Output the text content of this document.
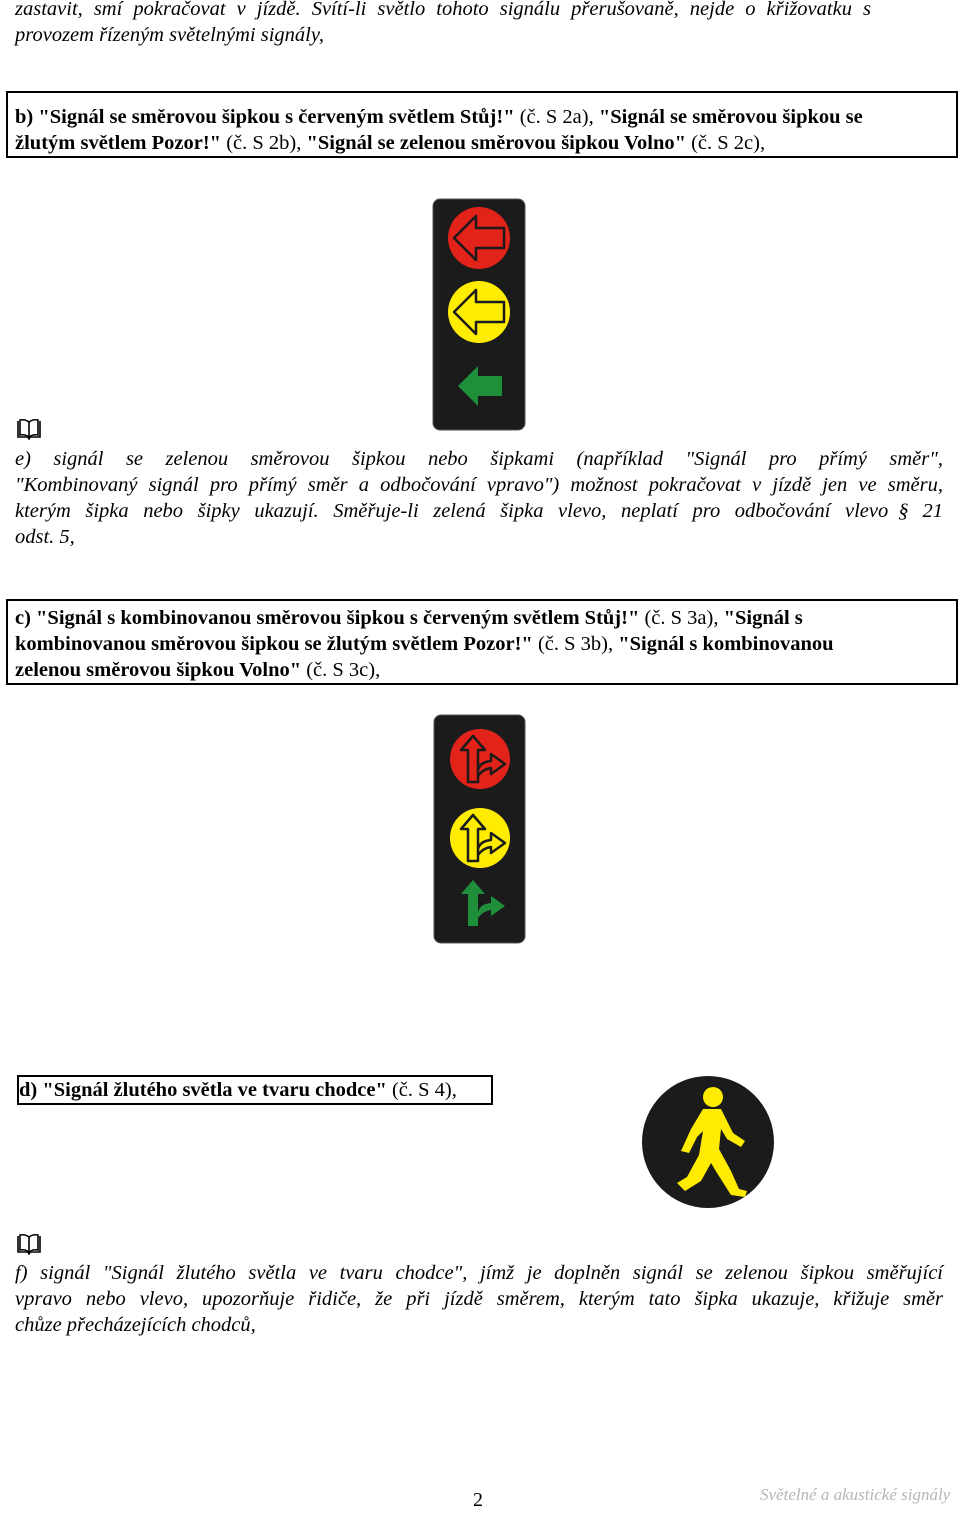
zastavit, smí pokračovat v jízdě. Svítí-li světlo tohoto signálu přerušovaně, nejde o křižovatku s
provozem řízeným světelnými signály,
b) "Signál se směrovou šipkou s červeným světlem Stůj!" (č. S 2a), "Signál se směrovou šipkou se
žlutým světlem Pozor!" (č. S 2b), "Signál se zelenou směrovou šipkou Volno" (č. S 2c),
e) signál se zelenou směrovou šipkou nebo šipkami (například "Signál pro přímý směr",
"Kombinovaný signál pro přímý směr a odbočování vpravo") možnost pokračovat v jízdě jen ve směru,
kterým šipka nebo šipky ukazují. Směřuje-li zelená šipka vlevo, neplatí pro odbočování vlevo § 21
odst. 5,
c) "Signál s kombinovanou směrovou šipkou s červeným světlem Stůj!" (č. S 3a), "Signál s
kombinovanou směrovou šipkou se žlutým světlem Pozor!" (č. S 3b), "Signál s kombinovanou
zelenou směrovou šipkou Volno" (č. S 3c),
d) "Signál žlutého světla ve tvaru chodce" (č. S 4),
f) signál "Signál žlutého světla ve tvaru chodce", jímž je doplněn signál se zelenou šipkou směřující
vpravo nebo vlevo, upozorňuje řidiče, že při jízdě směrem, kterým tato šipka ukazuje, křižuje směr
chůze přecházejících chodců,
2	Světelné a akustické signály
